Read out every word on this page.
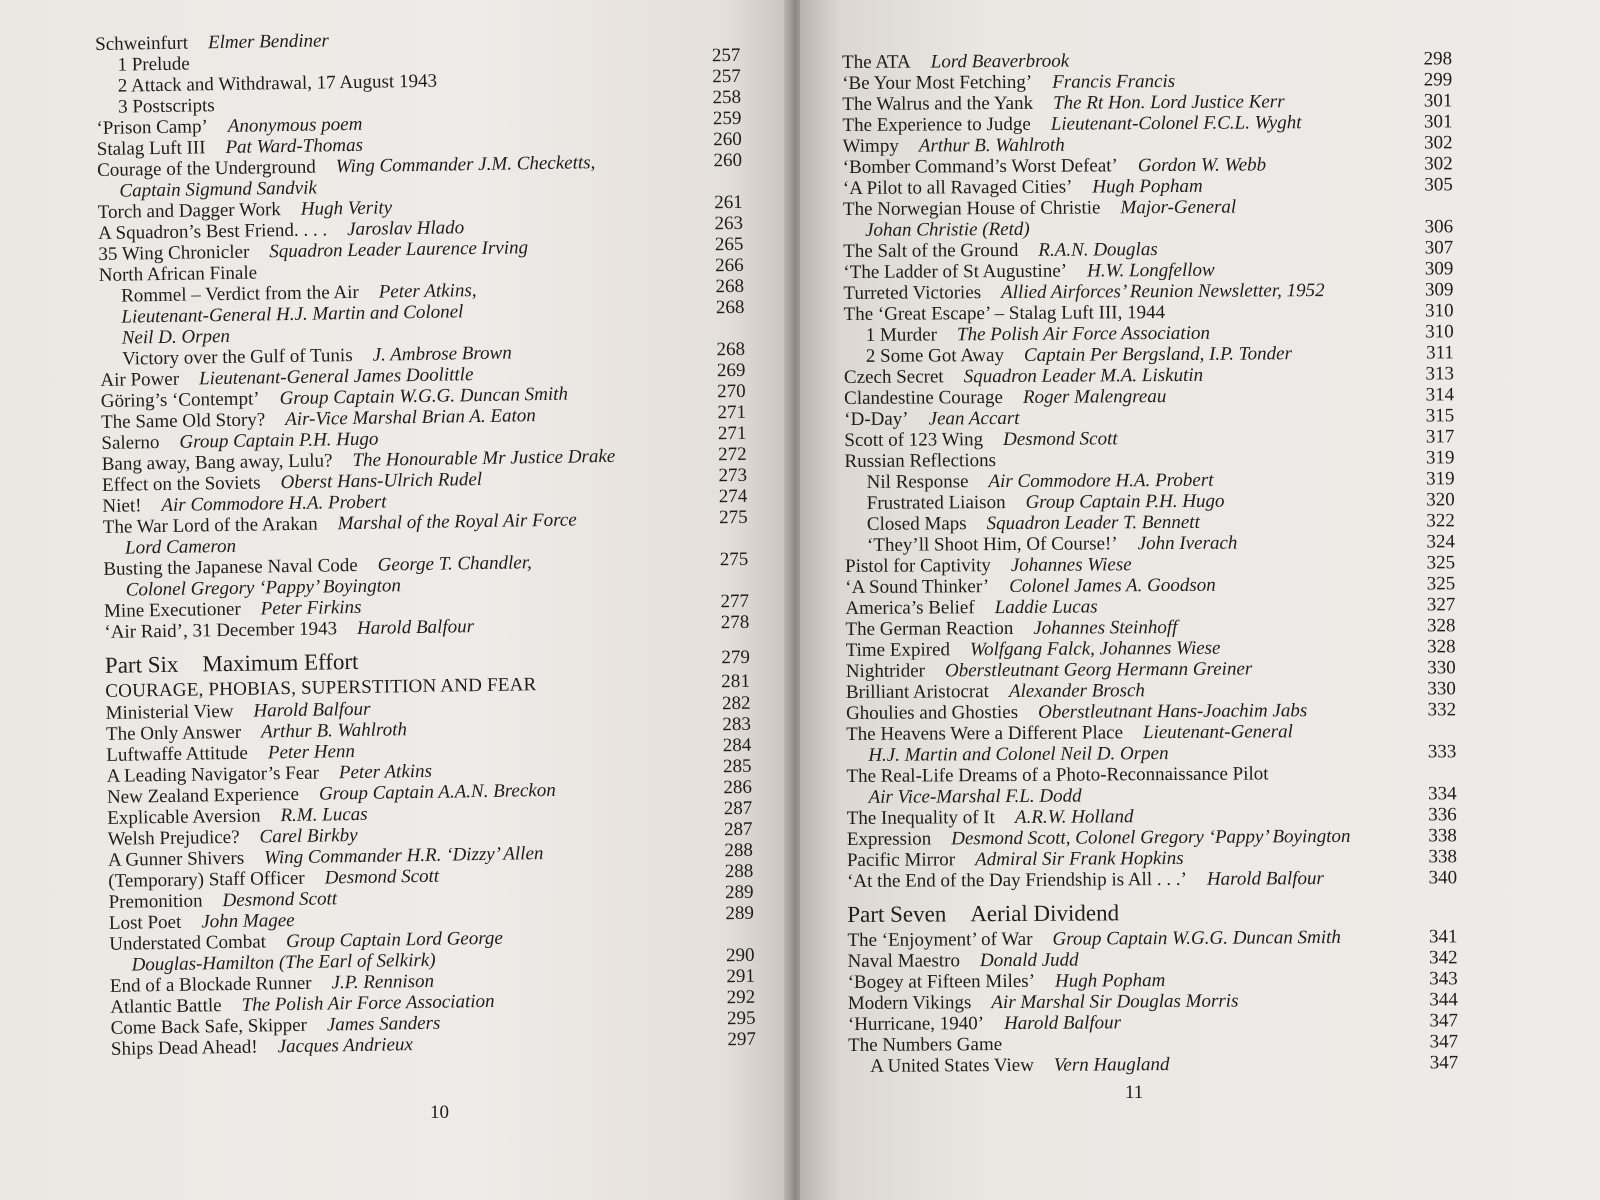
Schweinfurt Elmer Bendiner
1 Prelude	257
2 Attack and Withdrawal, 17 August 1943	257
3 Postscripts	258
‘Prison Camp’ Anonymous poem	259
Stalag Luft III Pat Ward-Thomas	260
Courage of the Underground Wing Commander J.M. Checketts,	260
Captain Sigmund Sandvik
Torch and Dagger Work Hugh Verity	261
A Squadron’s Best Friend. . . . Jaroslav Hlado	263
35 Wing Chronicler Squadron Leader Laurence Irving	265
North African Finale	266
Rommel – Verdict from the Air Peter Atkins,	268
Lieutenant-General H.J. Martin and Colonel	268
Neil D. Orpen
Victory over the Gulf of Tunis J. Ambrose Brown	268
Air Power Lieutenant-General James Doolittle	269
Göring’s ‘Contempt’ Group Captain W.G.G. Duncan Smith	270
The Same Old Story? Air-Vice Marshal Brian A. Eaton	271
Salerno Group Captain P.H. Hugo	271
Bang away, Bang away, Lulu? The Honourable Mr Justice Drake	272
Effect on the Soviets Oberst Hans-Ulrich Rudel	273
Niet! Air Commodore H.A. Probert	274
The War Lord of the Arakan Marshal of the Royal Air Force	275
Lord Cameron
Busting the Japanese Naval Code George T. Chandler,	275
Colonel Gregory ‘Pappy’ Boyington
Mine Executioner Peter Firkins	277
‘Air Raid’, 31 December 1943 Harold Balfour	278
Part Six Maximum Effort	279
COURAGE, PHOBIAS, SUPERSTITION AND FEAR	281
Ministerial View Harold Balfour	282
The Only Answer Arthur B. Wahlroth	283
Luftwaffe Attitude Peter Henn	284
A Leading Navigator’s Fear Peter Atkins	285
New Zealand Experience Group Captain A.A.N. Breckon	286
Explicable Aversion R.M. Lucas	287
Welsh Prejudice? Carel Birkby	287
A Gunner Shivers Wing Commander H.R. ‘Dizzy’ Allen	288
(Temporary) Staff Officer Desmond Scott	288
Premonition Desmond Scott	289
Lost Poet John Magee	289
Understated Combat Group Captain Lord George
Douglas-Hamilton (The Earl of Selkirk)	290
End of a Blockade Runner J.P. Rennison	291
Atlantic Battle The Polish Air Force Association	292
Come Back Safe, Skipper James Sanders	295
Ships Dead Ahead! Jacques Andrieux	297
10
The ATA Lord Beaverbrook	298
‘Be Your Most Fetching’ Francis Francis	299
The Walrus and the Yank The Rt Hon. Lord Justice Kerr	301
The Experience to Judge Lieutenant-Colonel F.C.L. Wyght	301
Wimpy Arthur B. Wahlroth	302
‘Bomber Command’s Worst Defeat’ Gordon W. Webb	302
‘A Pilot to all Ravaged Cities’ Hugh Popham	305
The Norwegian House of Christie Major-General
Johan Christie (Retd)	306
The Salt of the Ground R.A.N. Douglas	307
‘The Ladder of St Augustine’ H.W. Longfellow	309
Turreted Victories Allied Airforces’ Reunion Newsletter, 1952	309
The ‘Great Escape’ – Stalag Luft III, 1944	310
1 Murder The Polish Air Force Association	310
2 Some Got Away Captain Per Bergsland, I.P. Tonder	311
Czech Secret Squadron Leader M.A. Liskutin	313
Clandestine Courage Roger Malengreau	314
‘D-Day’ Jean Accart	315
Scott of 123 Wing Desmond Scott	317
Russian Reflections	319
Nil Response Air Commodore H.A. Probert	319
Frustrated Liaison Group Captain P.H. Hugo	320
Closed Maps Squadron Leader T. Bennett	322
‘They’ll Shoot Him, Of Course!’ John Iverach	324
Pistol for Captivity Johannes Wiese	325
‘A Sound Thinker’ Colonel James A. Goodson	325
America’s Belief Laddie Lucas	327
The German Reaction Johannes Steinhoff	328
Time Expired Wolfgang Falck, Johannes Wiese	328
Nightrider Oberstleutnant Georg Hermann Greiner	330
Brilliant Aristocrat Alexander Brosch	330
Ghoulies and Ghosties Oberstleutnant Hans-Joachim Jabs	332
The Heavens Were a Different Place Lieutenant-General
H.J. Martin and Colonel Neil D. Orpen	333
The Real-Life Dreams of a Photo-Reconnaissance Pilot
Air Vice-Marshal F.L. Dodd	334
The Inequality of It A.R.W. Holland	336
Expression Desmond Scott, Colonel Gregory ‘Pappy’ Boyington	338
Pacific Mirror Admiral Sir Frank Hopkins	338
‘At the End of the Day Friendship is All . . .’ Harold Balfour	340
Part Seven Aerial Dividend
The ‘Enjoyment’ of War Group Captain W.G.G. Duncan Smith	341
Naval Maestro Donald Judd	342
‘Bogey at Fifteen Miles’ Hugh Popham	343
Modern Vikings Air Marshal Sir Douglas Morris	344
‘Hurricane, 1940’ Harold Balfour	347
The Numbers Game	347
A United States View Vern Haugland	347
11
